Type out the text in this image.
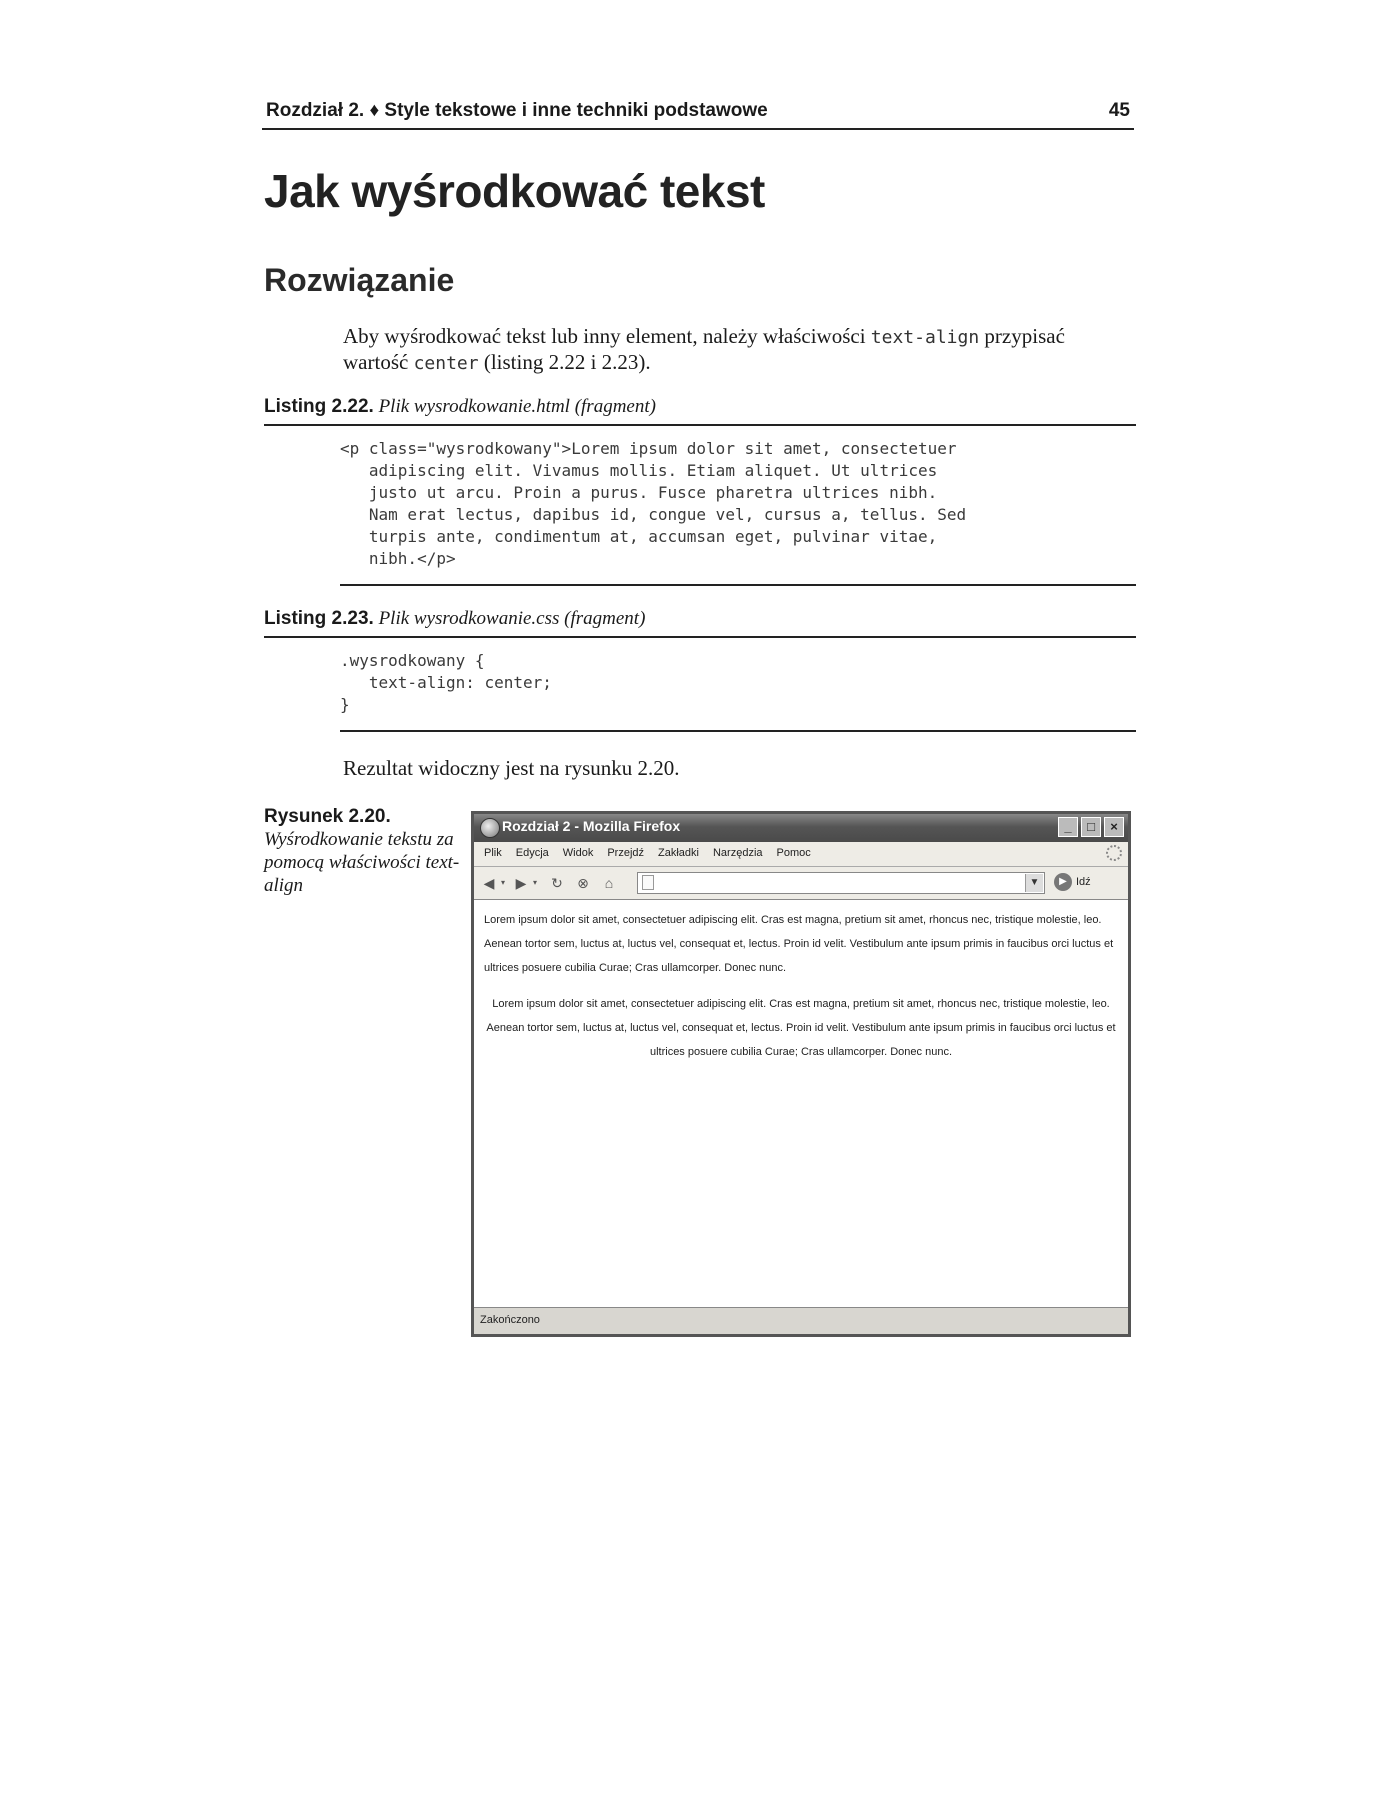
Rozdział 2. ♦ Style tekstowe i inne techniki podstawowe	45
Jak wyśrodkować tekst
Rozwiązanie
Aby wyśrodkować tekst lub inny element, należy właściwości text-align przypisać wartość center (listing 2.22 i 2.23).
Listing 2.22. Plik wysrodkowanie.html (fragment)
<p class="wysrodkowany">Lorem ipsum dolor sit amet, consectetuer
adipiscing elit. Vivamus mollis. Etiam aliquet. Ut ultrices
justo ut arcu. Proin a purus. Fusce pharetra ultrices nibh.
Nam erat lectus, dapibus id, congue vel, cursus a, tellus. Sed
turpis ante, condimentum at, accumsan eget, pulvinar vitae,
nibh.</p>
Listing 2.23. Plik wysrodkowanie.css (fragment)
.wysrodkowany {
text-align: center;
}
Rezultat widoczny jest na rysunku 2.20.
Rysunek 2.20.
Wyśrodkowanie tekstu za pomocą właściwości text-align
Rozdział 2 - Mozilla Firefox	_	□	×
Plik Edycja Widok Przejdź Zakładki Narzędzia Pomoc
◀ ▾ ▶ ▾ ↻ ⊗	⌂	▼	▶ Idź

Lorem ipsum dolor sit amet, consectetuer adipiscing elit. Cras est magna, pretium sit amet, rhoncus nec, tristique molestie, leo. Aenean tortor sem, luctus at, luctus vel, consequat et, lectus. Proin id velit. Vestibulum ante ipsum primis in faucibus orci luctus et ultrices posuere cubilia Curae; Cras ullamcorper. Donec nunc.

Lorem ipsum dolor sit amet, consectetuer adipiscing elit. Cras est magna, pretium sit amet, rhoncus nec, tristique molestie, leo. Aenean tortor sem, luctus at, luctus vel, consequat et, lectus. Proin id velit. Vestibulum ante ipsum primis in faucibus orci luctus et ultrices posuere cubilia Curae; Cras ullamcorper. Donec nunc.

Zakończono
